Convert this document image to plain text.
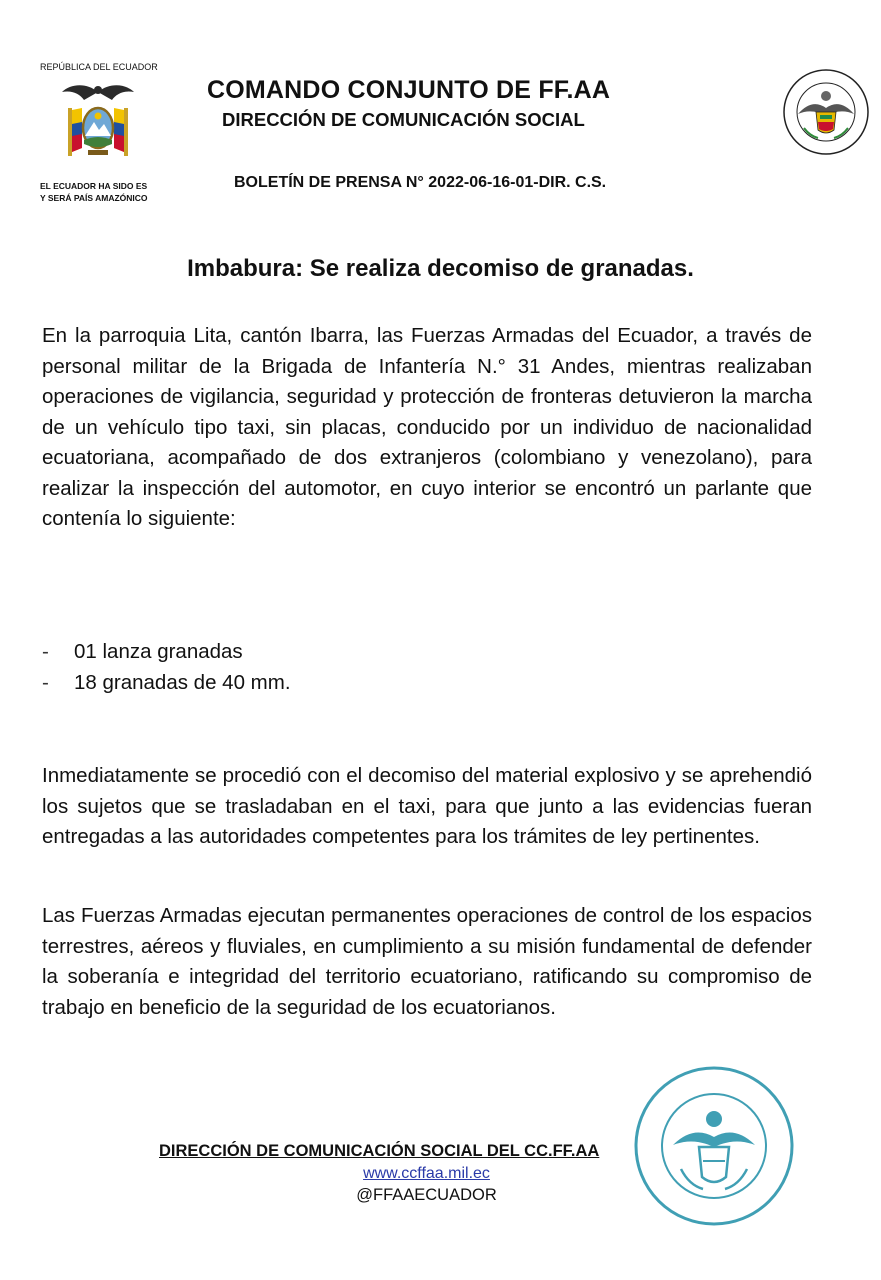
REPÚBLICA DEL ECUADOR
EL ECUADOR HA SIDO ES
Y SERÁ PAÍS AMAZÓNICO
COMANDO CONJUNTO DE FF.AA
DIRECCIÓN DE COMUNICACIÓN SOCIAL
BOLETÍN DE PRENSA N° 2022-06-16-01-DIR. C.S.
Imbabura: Se realiza decomiso de granadas.

En la parroquia Lita, cantón Ibarra, las Fuerzas Armadas del Ecuador, a través de personal militar de la Brigada de Infantería N.° 31 Andes, mientras realizaban operaciones de vigilancia, seguridad y protección de fronteras detuvieron la marcha de un vehículo tipo taxi, sin placas, conducido por un individuo de nacionalidad ecuatoriana, acompañado de dos extranjeros (colombiano y venezolano), para realizar la inspección del automotor, en cuyo interior se encontró un parlante que contenía lo siguiente:

-	01 lanza granadas
-	18 granadas de 40 mm.

Inmediatamente se procedió con el decomiso del material explosivo y se aprehendió los sujetos que se trasladaban en el taxi, para que junto a las evidencias fueran entregadas a las autoridades competentes para los trámites de ley pertinentes.

Las Fuerzas Armadas ejecutan permanentes operaciones de control de los espacios terrestres, aéreos y fluviales, en cumplimiento a su misión fundamental de defender la soberanía e integridad del territorio ecuatoriano, ratificando su compromiso de trabajo en beneficio de la seguridad de los ecuatorianos.

DIRECCIÓN DE COMUNICACIÓN SOCIAL DEL CC.FF.AA
www.ccffaa.mil.ec
@FFAAECUADOR
